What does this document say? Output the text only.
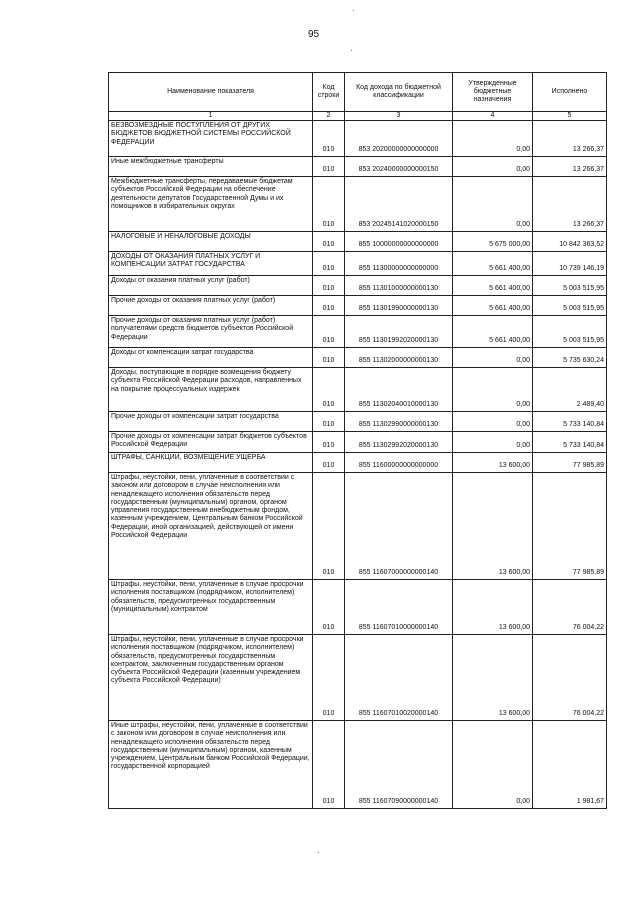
95
·
·
·
Наименование показателя	Код строки	Код дохода по бюджетной классификации	Утвержденные бюджетные назначения	Исполнено
1	2	3	4	5
БЕЗВОЗМЕЗДНЫЕ ПОСТУПЛЕНИЯ ОТ ДРУГИХ БЮДЖЕТОВ БЮДЖЕТНОЙ СИСТЕМЫ РОССИЙСКОЙ ФЕДЕРАЦИИ	010	853 20200000000000000	0,00	13 266,37
Иные межбюджетные трансферты	010	853 20240000000000150	0,00	13 266,37
Межбюджетные трансферты, передаваемые бюджетам субъектов Российской Федерации на обеспечение деятельности депутатов Государственной Думы и их помощников в избирательных округах	010	853 20245141020000150	0,00	13 266,37
НАЛОГОВЫЕ И НЕНАЛОГОВЫЕ ДОХОДЫ	010	855 10000000000000000	5 675 000,00	10 842 363,52
ДОХОДЫ ОТ ОКАЗАНИЯ ПЛАТНЫХ УСЛУГ И КОМПЕНСАЦИИ ЗАТРАТ ГОСУДАРСТВА	010	855 11300000000000000	5 661 400,00	10 739 146,19
Доходы от оказания платных услуг (работ)	010	855 11301000000000130	5 661 400,00	5 003 515,95
Прочие доходы от оказания платных услуг (работ)	010	855 11301990000000130	5 661 400,00	5 003 515,95
Прочие доходы от оказания платных услуг (работ) получателями средств бюджетов субъектов Российской Федерации	010	855 11301992020000130	5 661 400,00	5 003 515,95
Доходы от компенсации затрат государства	010	855 11302000000000130	0,00	5 735 630,24
Доходы, поступающие в порядке возмещения бюджету субъекта Российской Федерации расходов, направленных на покрытие процессуальных издержек	010	855 11302040010000130	0,00	2 489,40
Прочие доходы от компенсации затрат государства	010	855 11302990000000130	0,00	5 733 140,84
Прочие доходы от компенсации затрат бюджетов субъектов Российской Федерации	010	855 11302992020000130	0,00	5 733 140,84
ШТРАФЫ, САНКЦИИ, ВОЗМЕЩЕНИЕ УЩЕРБА	010	855 11600000000000000	13 600,00	77 985,89
Штрафы, неустойки, пени, уплаченные в соответствии с законом или договором в случае неисполнения или ненадлежащего исполнения обязательств перед государственным (муниципальным) органом, органом управления государственным внебюджетным фондом, казенным учреждением, Центральным банком Российской Федерации, иной организацией, действующей от имени Российской Федерации	010	855 11607000000000140	13 600,00	77 985,89
Штрафы, неустойки, пени, уплаченные в случае просрочки исполнения поставщиком (подрядчиком, исполнителем) обязательств, предусмотренных государственным (муниципальным) контрактом	010	855 11607010000000140	13 600,00	76 004,22
Штрафы, неустойки, пени, уплаченные в случае просрочки исполнения поставщиком (подрядчиком, исполнителем) обязательств, предусмотренных государственным контрактом, заключенным государственным органом субъекта Российской Федерации (казенным учреждением субъекта Российской Федерации)	010	855 11607010020000140	13 600,00	76 004,22
Иные штрафы, неустойки, пени, уплаченные в соответствии с законом или договором в случае неисполнения или ненадлежащего исполнения обязательств перед государственным (муниципальным) органом, казенным учреждением, Центральным банком Российской Федерации, государственной корпорацией	010	855 11607090000000140	0,00	1 981,67
